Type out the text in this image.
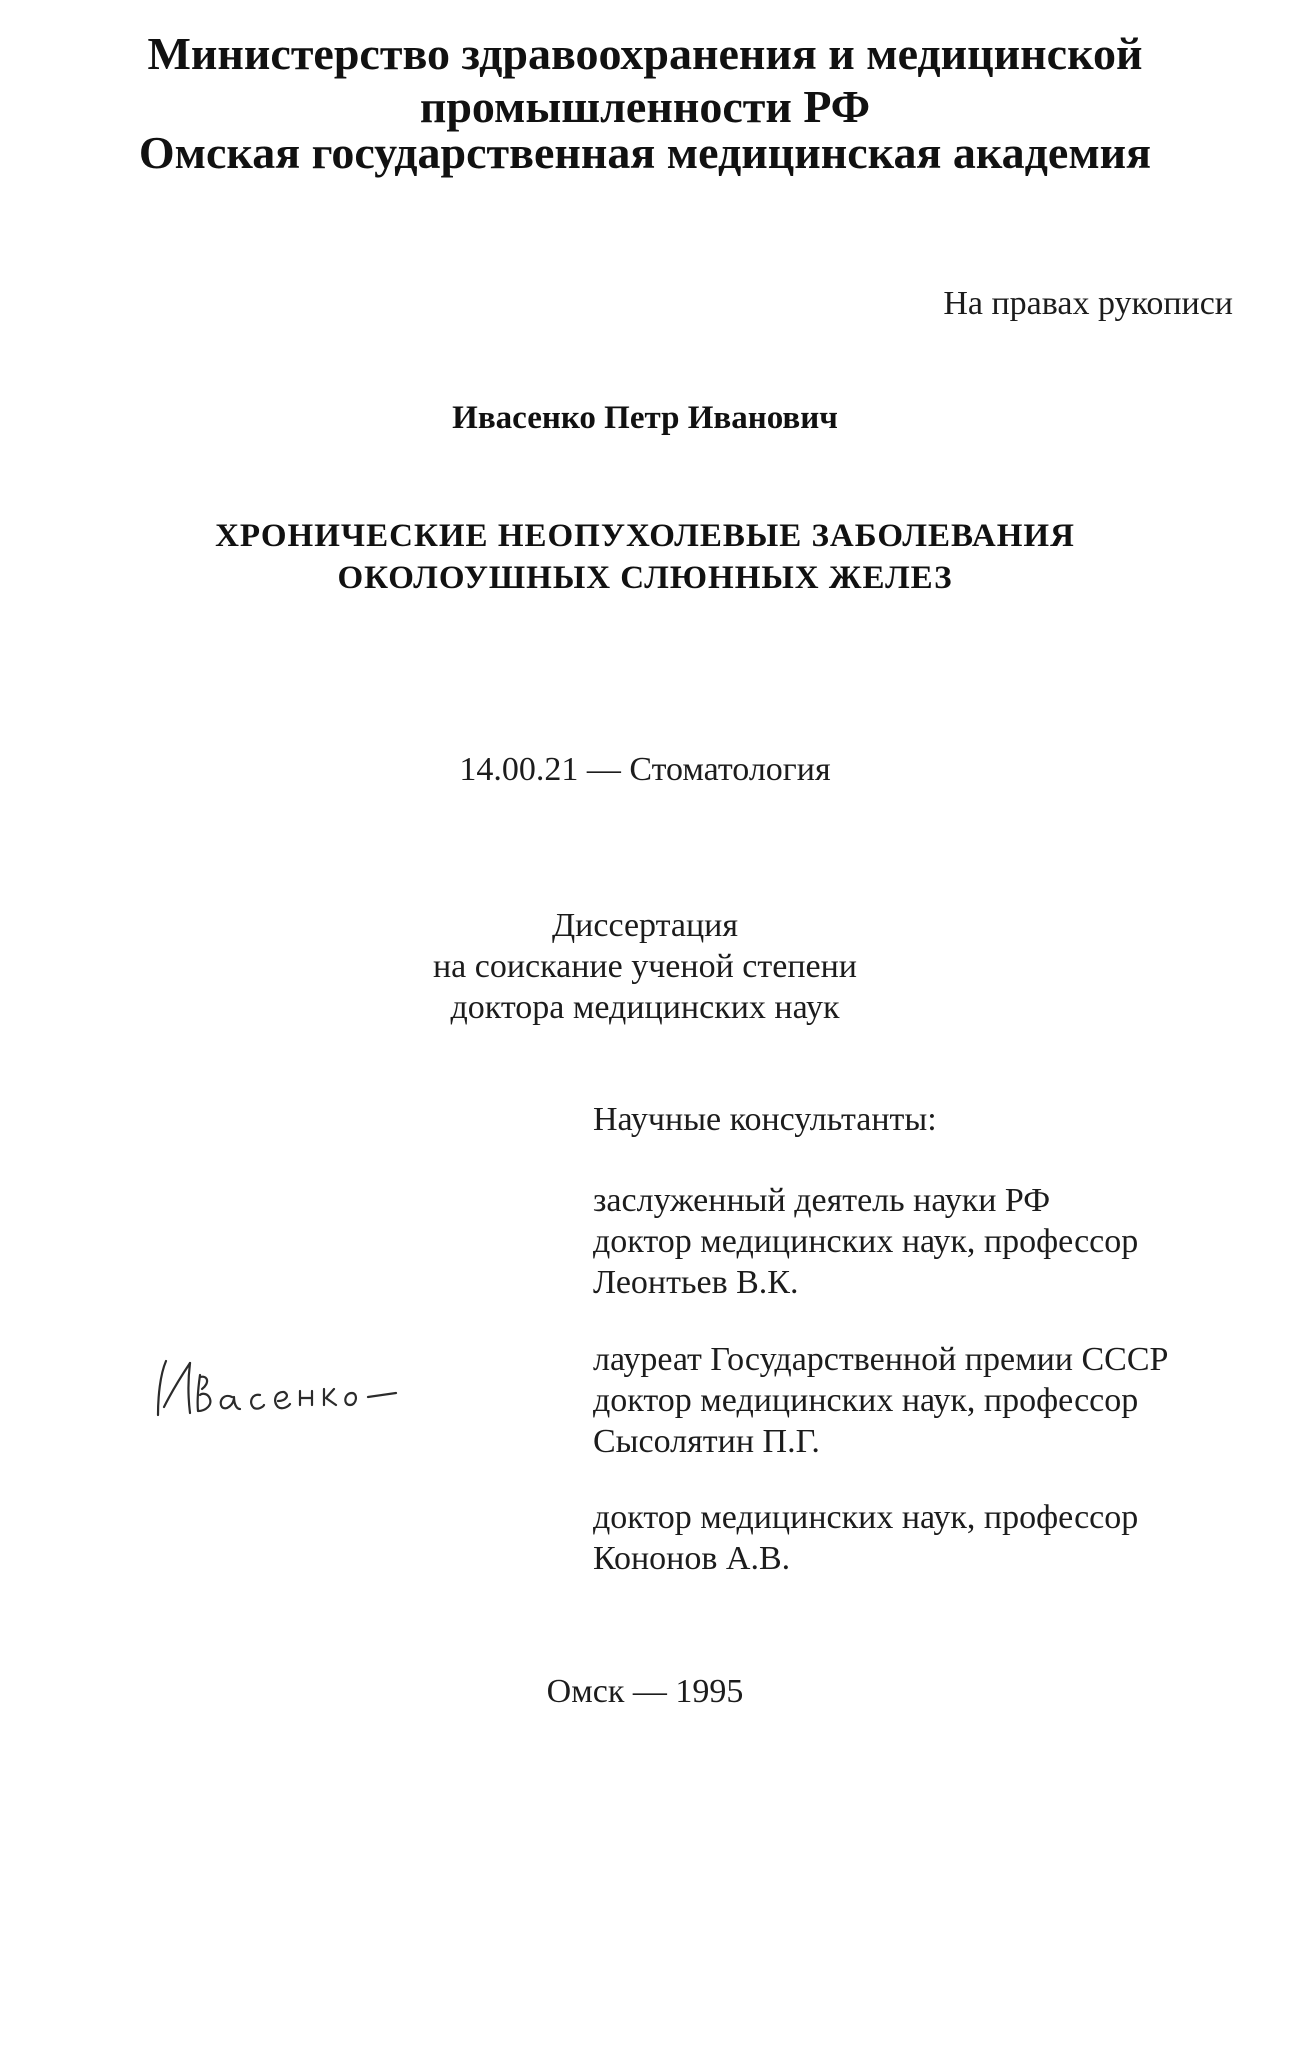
Министерство здравоохранения и медицинской
промышленности РФ
Омская государственная медицинская академия
На правах рукописи
Ивасенко Петр Иванович
ХРОНИЧЕСКИЕ НЕОПУХОЛЕВЫЕ ЗАБОЛЕВАНИЯ
ОКОЛОУШНЫХ СЛЮННЫХ ЖЕЛЕЗ
14.00.21 — Стоматология
Диссертация
на соискание ученой степени
доктора медицинских наук
Научные консультанты:
заслуженный деятель науки РФ
доктор медицинских наук, профессор
Леонтьев В.К.
лауреат Государственной премии СССР
доктор медицинских наук, профессор
Сысолятин П.Г.
доктор медицинских наук, профессор
Кононов А.В.
Омск — 1995
